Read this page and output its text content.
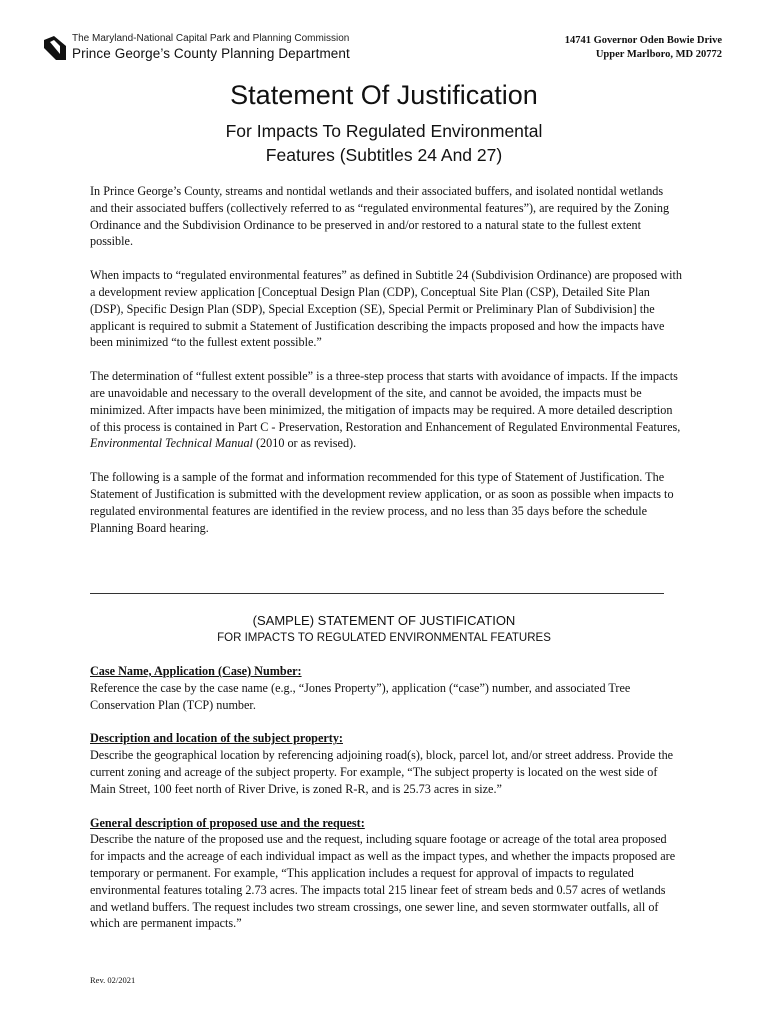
The Maryland-National Capital Park and Planning Commission
Prince George’s County Planning Department
14741 Governor Oden Bowie Drive
Upper Marlboro, MD 20772
Statement Of Justification
For Impacts To Regulated Environmental
Features (Subtitles 24 And 27)

In Prince George’s County, streams and nontidal wetlands and their associated buffers, and isolated nontidal wetlands and their associated buffers (collectively referred to as “regulated environmental features”), are required by the Zoning Ordinance and the Subdivision Ordinance to be preserved in and/or restored to a natural state to the fullest extent possible.

When impacts to “regulated environmental features” as defined in Subtitle 24 (Subdivision Ordinance) are proposed with a development review application [Conceptual Design Plan (CDP), Conceptual Site Plan (CSP), Detailed Site Plan (DSP), Specific Design Plan (SDP), Special Exception (SE), Special Permit or Preliminary Plan of Subdivision] the applicant is required to submit a Statement of Justification describing the impacts proposed and how the impacts have been minimized “to the fullest extent possible.”

The determination of “fullest extent possible” is a three-step process that starts with avoidance of impacts. If the impacts are unavoidable and necessary to the overall development of the site, and cannot be avoided, the impacts must be minimized. After impacts have been minimized, the mitigation of impacts may be required. A more detailed description of this process is contained in Part C - Preservation, Restoration and Enhancement of Regulated Environmental Features, Environmental Technical Manual (2010 or as revised).

The following is a sample of the format and information recommended for this type of Statement of Justification. The Statement of Justification is submitted with the development review application, or as soon as possible when impacts to regulated environmental features are identified in the review process, and no less than 35 days before the schedule Planning Board hearing.

(SAMPLE) STATEMENT OF JUSTIFICATION
FOR IMPACTS TO REGULATED ENVIRONMENTAL FEATURES
Case Name, Application (Case) Number:
Reference the case by the case name (e.g., “Jones Property”), application (“case”) number, and associated Tree Conservation Plan (TCP) number.
Description and location of the subject property:
Describe the geographical location by referencing adjoining road(s), block, parcel lot, and/or street address. Provide the current zoning and acreage of the subject property. For example, “The subject property is located on the west side of Main Street, 100 feet north of River Drive, is zoned R-R, and is 25.73 acres in size.”
General description of proposed use and the request:
Describe the nature of the proposed use and the request, including square footage or acreage of the total area proposed for impacts and the acreage of each individual impact as well as the impact types, and whether the impacts proposed are temporary or permanent. For example, “This application includes a request for approval of impacts to regulated environmental features totaling 2.73 acres. The impacts total 215 linear feet of stream beds and 0.57 acres of wetlands and wetland buffers. The request includes two stream crossings, one sewer line, and seven stormwater outfalls, all of which are permanent impacts.”
Rev. 02/2021
